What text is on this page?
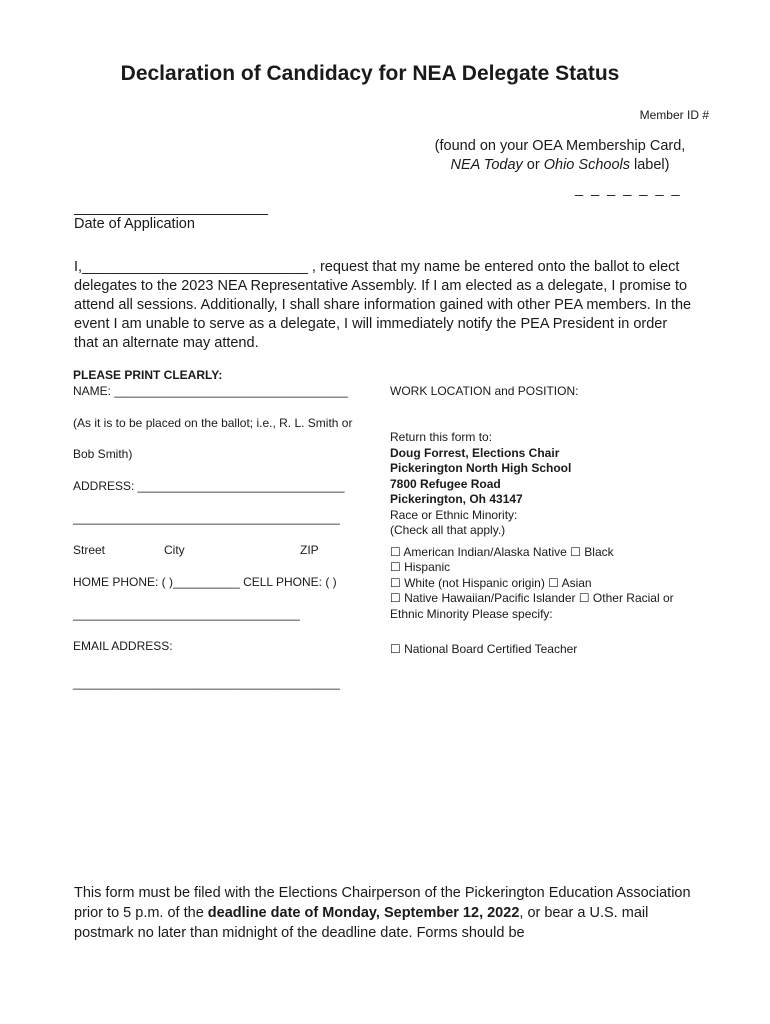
Declaration of Candidacy for NEA Delegate Status
Member ID #
(found on your OEA Membership Card,
NEA Today or Ohio Schools label)
_ _ _ _ _ _ _
Date of Application
I,____________________________ , request that my name be entered onto the ballot to elect delegates to the 2023 NEA Representative Assembly. If I am elected as a delegate, I promise to attend all sessions. Additionally, I shall share information gained with other PEA members. In the event I am unable to serve as a delegate, I will immediately notify the PEA President in order that an alternate may attend.
PLEASE PRINT CLEARLY:
NAME: ___________________________________
(As it is to be placed on the ballot; i.e., R. L. Smith or
Bob Smith)
ADDRESS: _______________________________
________________________________________
Street	City	ZIP
HOME PHONE: ( )__________ CELL PHONE: ( )
__________________________________
EMAIL ADDRESS:
________________________________________
WORK LOCATION and POSITION:
Return this form to:
Doug Forrest, Elections Chair
Pickerington North High School
7800 Refugee Road
Pickerington, Oh 43147
Race or Ethnic Minority:
(Check all that apply.)
☐ American Indian/Alaska Native ☐ Black
☐ Hispanic
☐ White (not Hispanic origin) ☐ Asian
☐ Native Hawaiian/Pacific Islander ☐ Other Racial or
Ethnic Minority Please specify:
☐ National Board Certified Teacher
This form must be filed with the Elections Chairperson of the Pickerington Education Association prior to 5 p.m. of the deadline date of Monday, September 12, 2022, or bear a U.S. mail postmark no later than midnight of the deadline date. Forms should be
